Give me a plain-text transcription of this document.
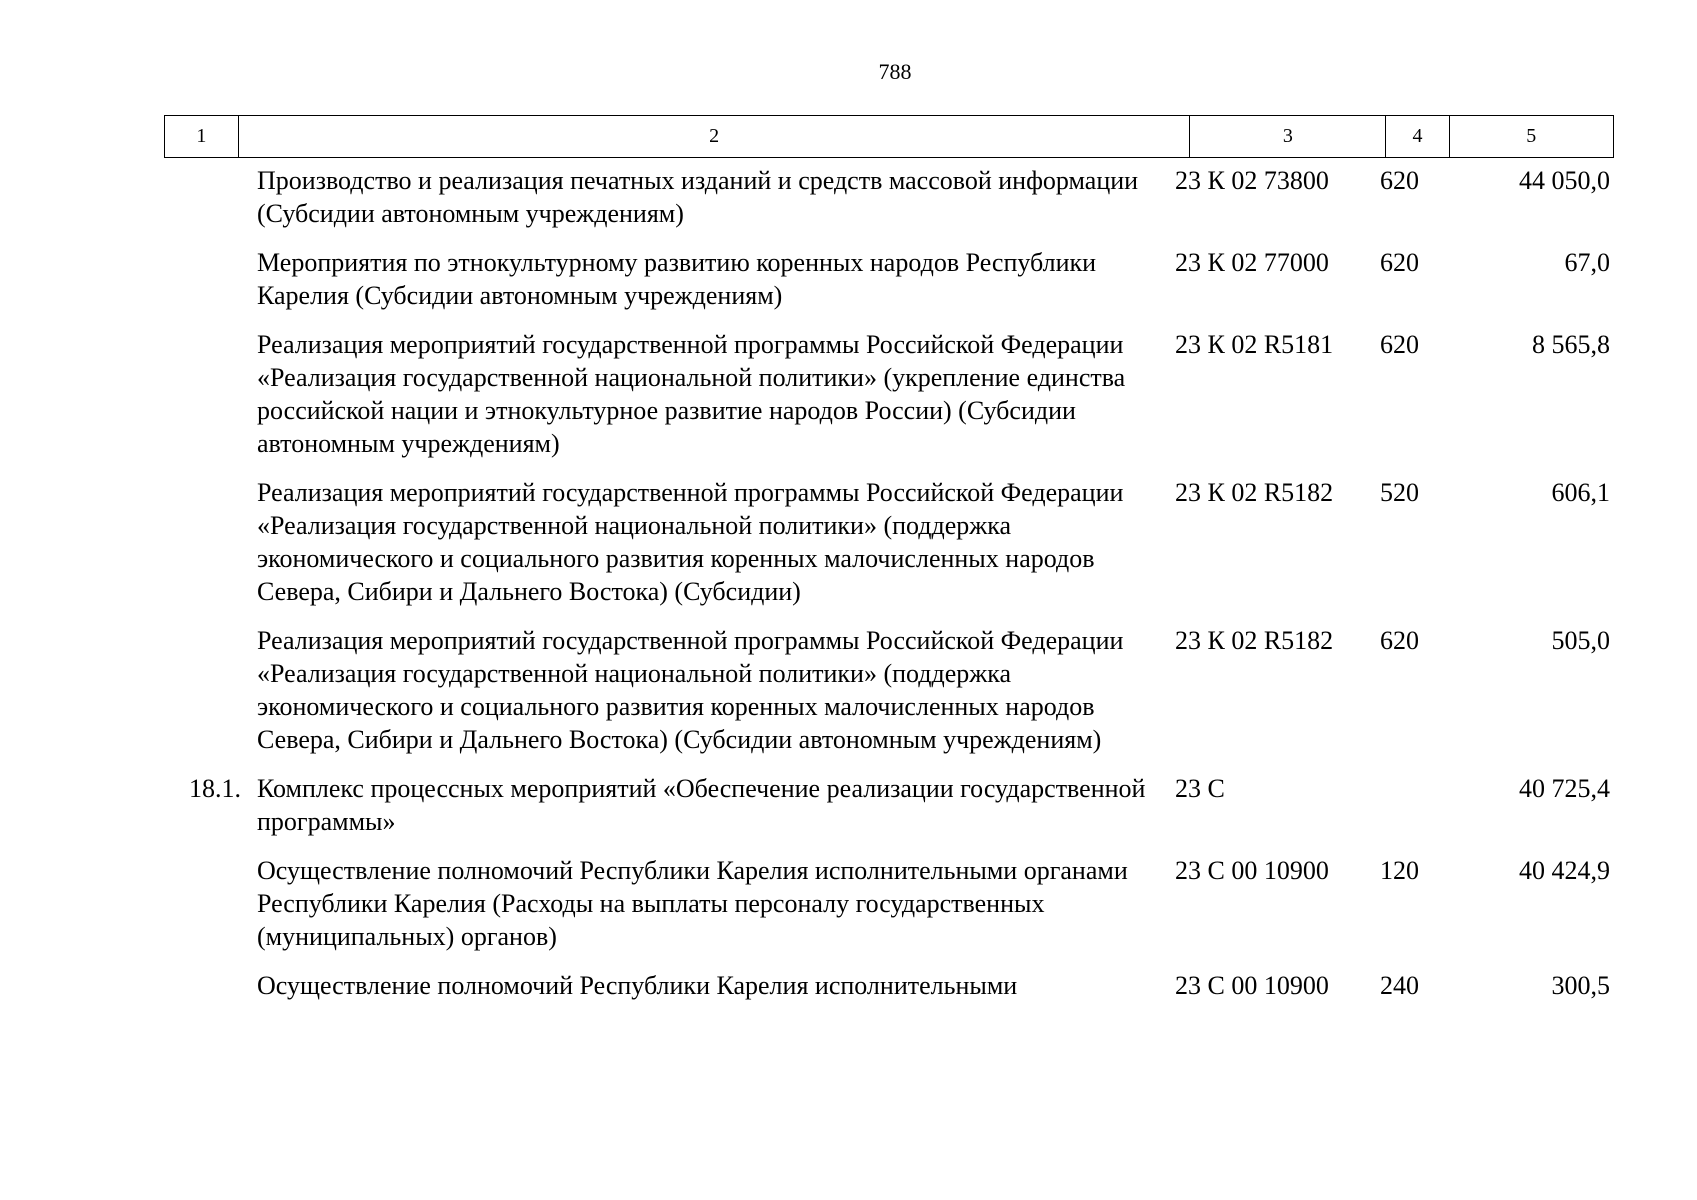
788
1	2	3	4	5
	Производство и реализация печатных изданий и средств массовой информации (Субсидии автономным учреждениям)	23 К 02 73800	620	44 050,0
	Мероприятия по этнокультурному развитию коренных народов Республики Карелия (Субсидии автономным учреждениям)	23 К 02 77000	620	67,0
	Реализация мероприятий государственной программы Российской Федерации «Реализация государственной национальной политики» (укрепление единства российской нации и этнокультурное развитие народов России) (Субсидии автономным учреждениям)	23 К 02 R5181	620	8 565,8
	Реализация мероприятий государственной программы Российской Федерации «Реализация государственной национальной политики» (поддержка экономического и социального развития коренных малочисленных народов Севера, Сибири и Дальнего Востока) (Субсидии)	23 К 02 R5182	520	606,1
	Реализация мероприятий государственной программы Российской Федерации «Реализация государственной национальной политики» (поддержка экономического и социального развития коренных малочисленных народов Севера, Сибири и Дальнего Востока) (Субсидии автономным учреждениям)	23 К 02 R5182	620	505,0
18.1.	Комплекс процессных мероприятий «Обеспечение реализации государственной программы»	23 С		40 725,4
	Осуществление полномочий Республики Карелия исполнительными органами Республики Карелия (Расходы на выплаты персоналу государственных (муниципальных) органов)	23 С 00 10900	120	40 424,9
	Осуществление полномочий Республики Карелия исполнительными	23 С 00 10900	240	300,5
